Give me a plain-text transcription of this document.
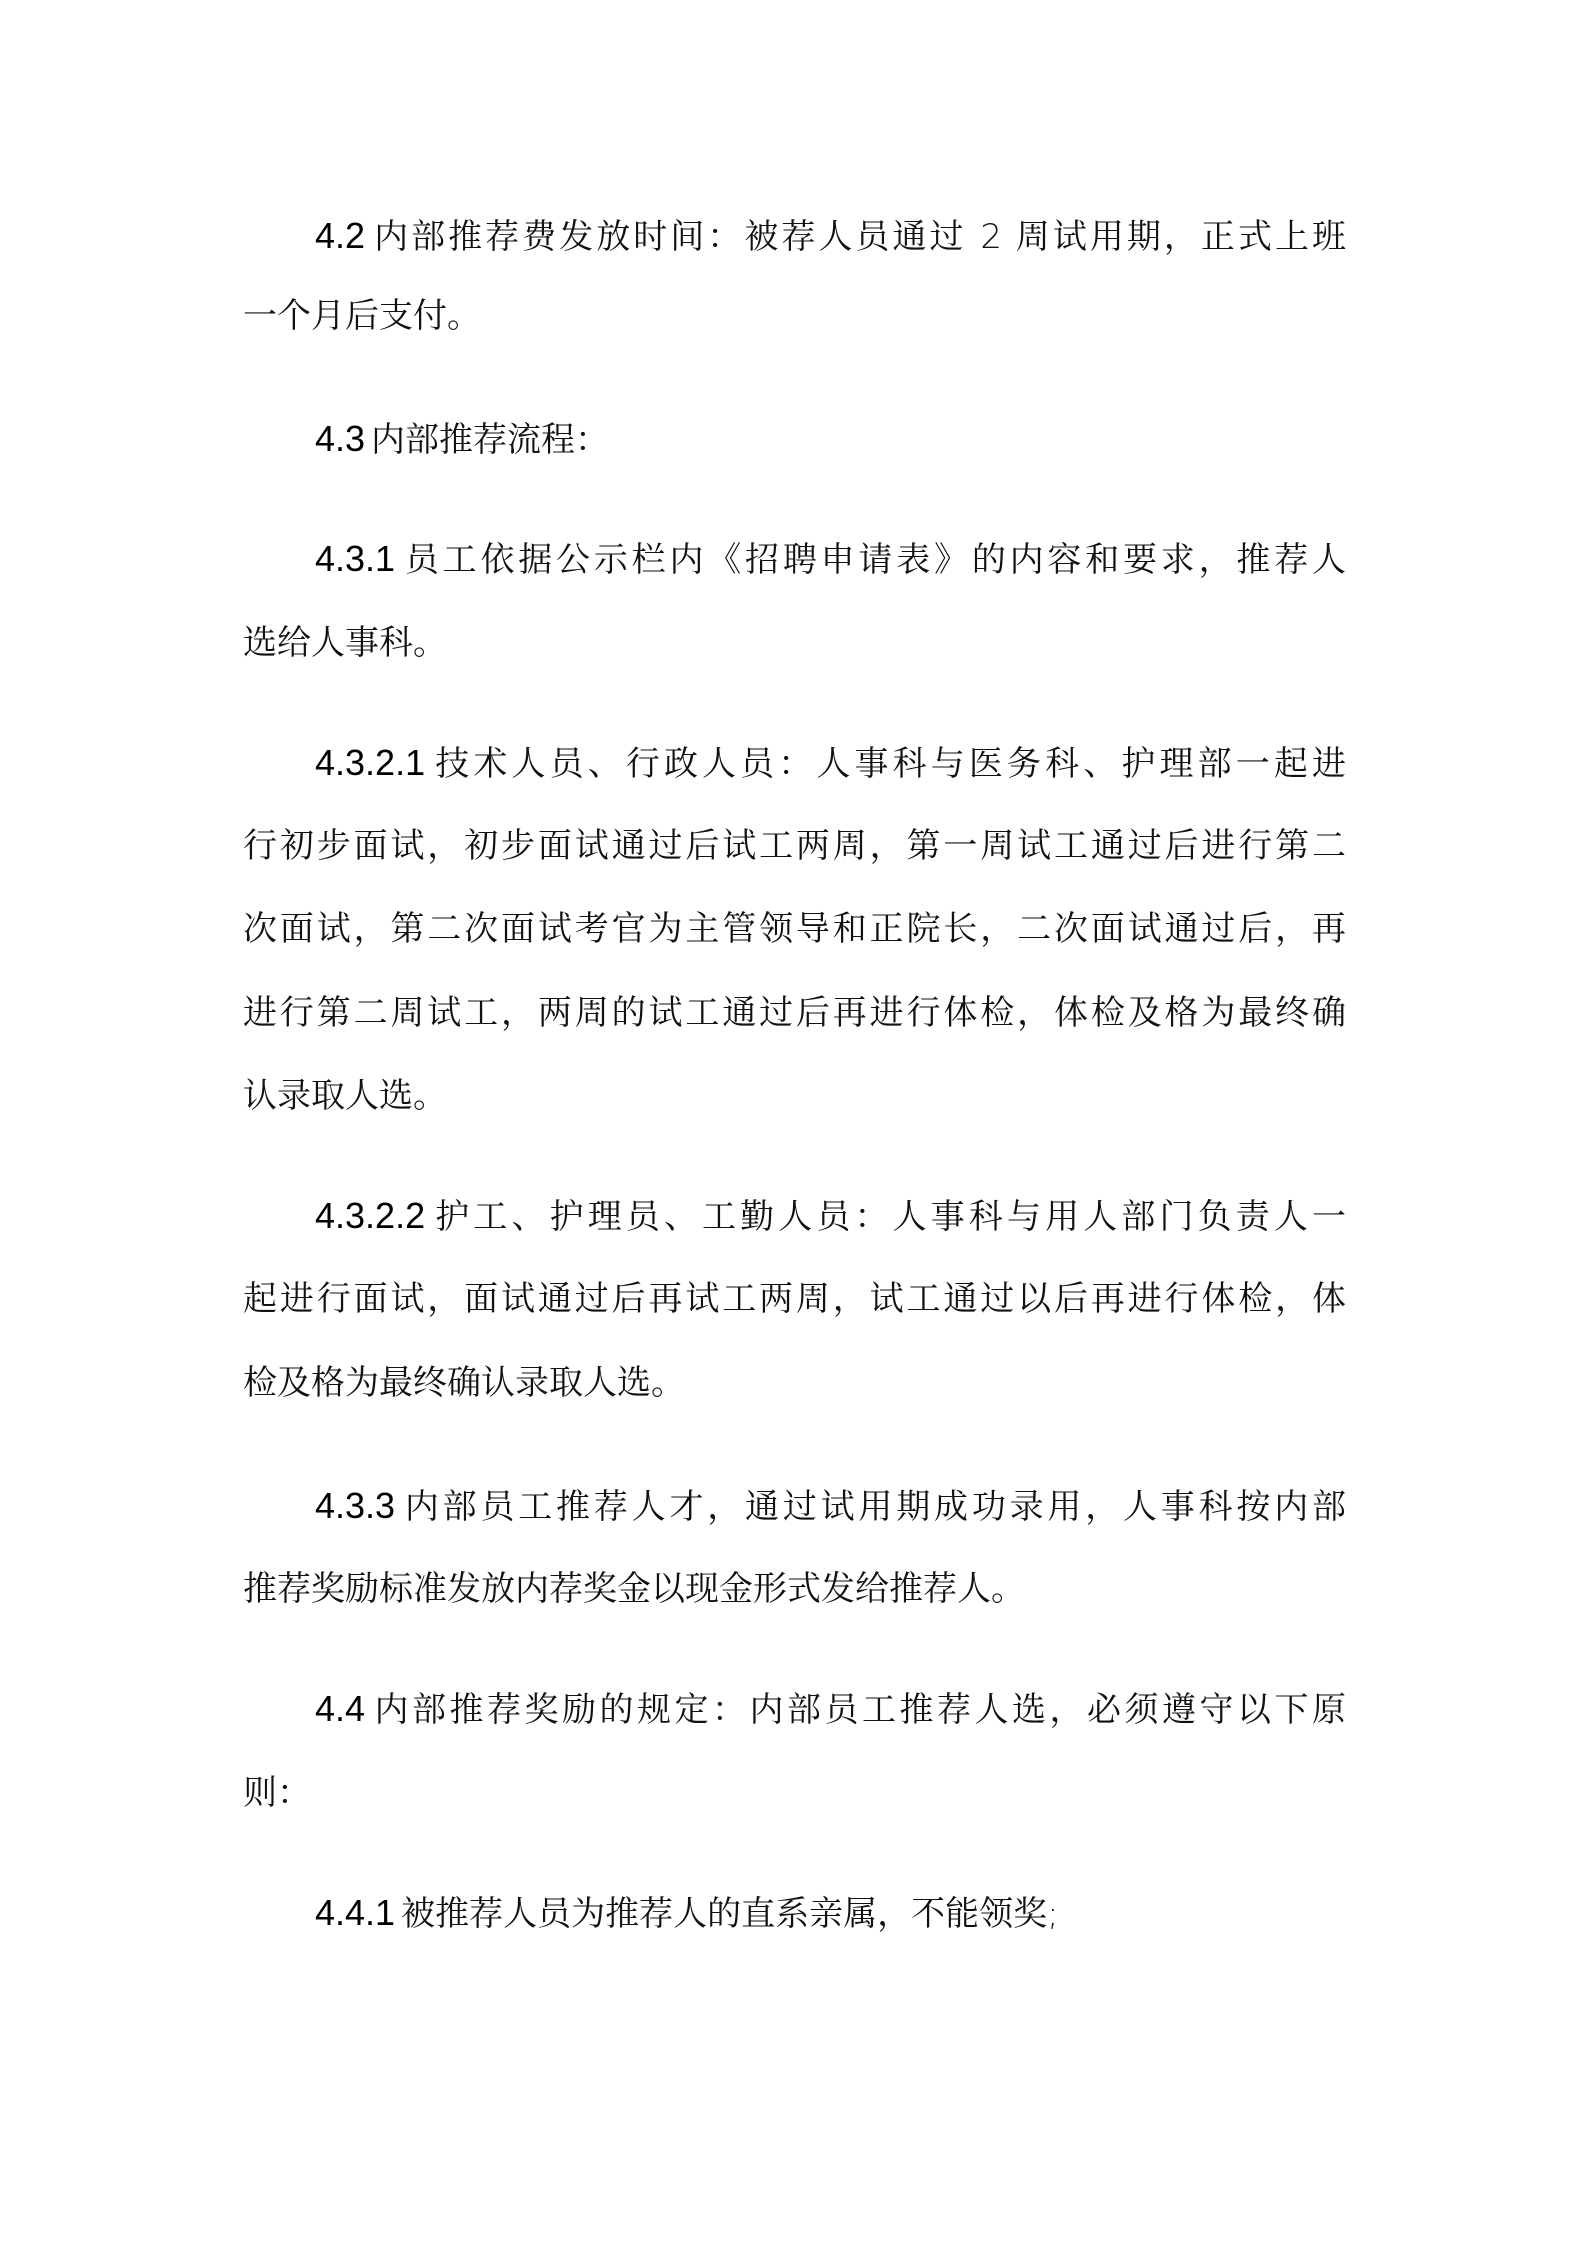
4.2 内部推荐费发放时间：被荐人员通过 2 周试用期，正式上班
一个月后支付。
4.3 内部推荐流程：
4.3.1 员工依据公示栏内《招聘申请表》的内容和要求，推荐人
选给人事科。
4.3.2.1 技术人员、行政人员：人事科与医务科、护理部一起进
行初步面试，初步面试通过后试工两周，第一周试工通过后进行第二
次面试，第二次面试考官为主管领导和正院长，二次面试通过后，再
进行第二周试工，两周的试工通过后再进行体检，体检及格为最终确
认录取人选。
4.3.2.2 护工、护理员、工勤人员：人事科与用人部门负责人一
起进行面试，面试通过后再试工两周，试工通过以后再进行体检，体
检及格为最终确认录取人选。
4.3.3 内部员工推荐人才，通过试用期成功录用，人事科按内部
推荐奖励标准发放内荐奖金以现金形式发给推荐人。
4.4 内部推荐奖励的规定：内部员工推荐人选，必须遵守以下原
则：
4.4.1 被推荐人员为推荐人的直系亲属，不能领奖;
